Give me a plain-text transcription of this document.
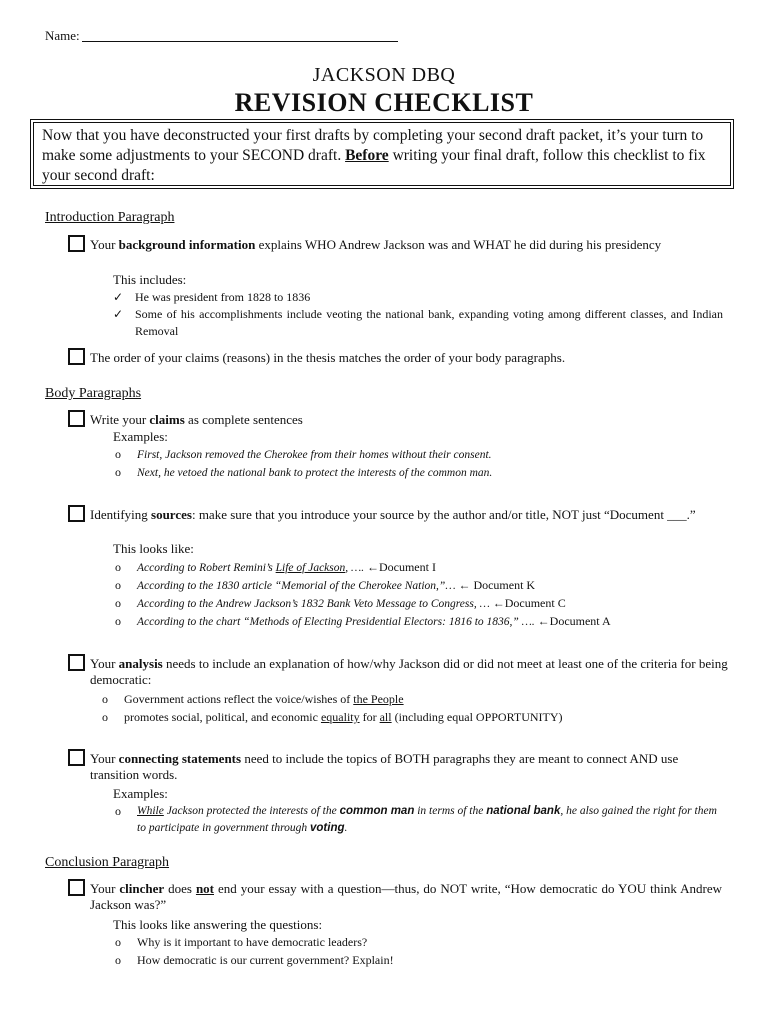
Name:
JACKSON DBQ
REVISION CHECKLIST
Now that you have deconstructed your first drafts by completing your second draft packet, it’s your turn to make some adjustments to your SECOND draft. Before writing your final draft, follow this checklist to fix your second draft:
Introduction Paragraph
Your background information explains WHO Andrew Jackson was and WHAT he did during his presidency
This includes:
✓ He was president from 1828 to 1836
✓ Some of his accomplishments include veoting the national bank, expanding voting among different classes, and Indian Removal
The order of your claims (reasons) in the thesis matches the order of your body paragraphs.
Body Paragraphs
Write your claims as complete sentences
Examples:
o First, Jackson removed the Cherokee from their homes without their consent.
o Next, he vetoed the national bank to protect the interests of the common man.
Identifying sources: make sure that you introduce your source by the author and/or title, NOT just “Document ___.”
This looks like:
o According to Robert Remini’s Life of Jackson, …. ←Document I
o According to the 1830 article “Memorial of the Cherokee Nation,”… ← Document K
o According to the Andrew Jackson’s 1832 Bank Veto Message to Congress, … ←Document C
o According to the chart “Methods of Electing Presidential Electors: 1816 to 1836,” …. ←Document A
Your analysis needs to include an explanation of how/why Jackson did or did not meet at least one of the criteria for being democratic:
o Government actions reflect the voice/wishes of the People
o promotes social, political, and economic equality for all (including equal OPPORTUNITY)
Your connecting statements need to include the topics of BOTH paragraphs they are meant to connect AND use transition words.
Examples:
o	While Jackson protected the interests of the common man in terms of the national bank, he also gained the right for them to participate in government through voting.
Conclusion Paragraph
Your clincher does not end your essay with a question—thus, do NOT write, “How democratic do YOU think Andrew Jackson was?”
This looks like answering the questions:
o Why is it important to have democratic leaders?
o How democratic is our current government? Explain!
